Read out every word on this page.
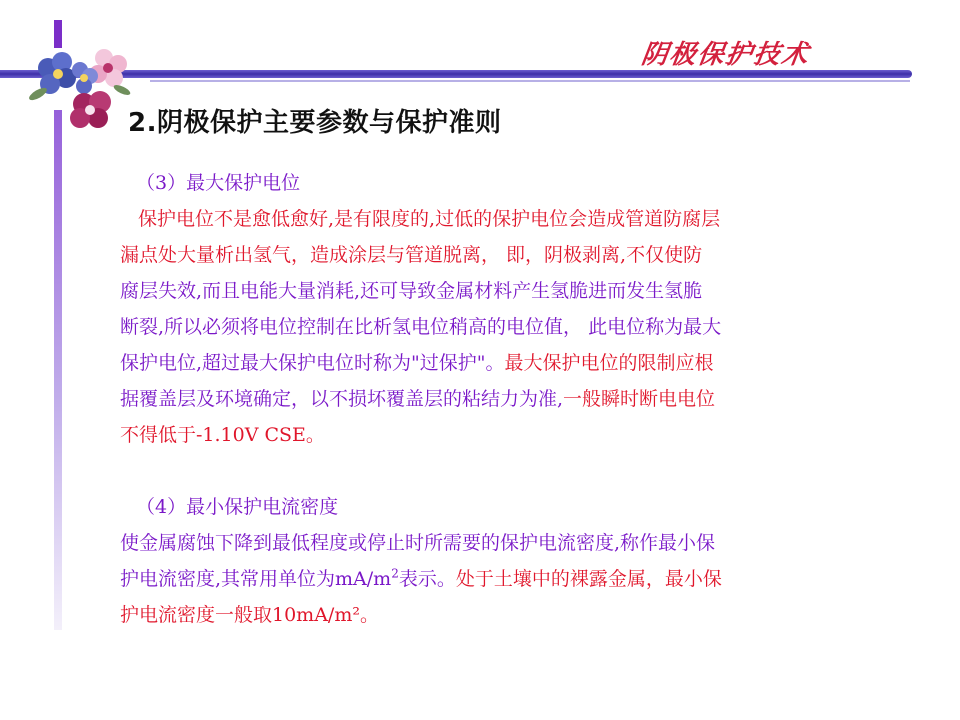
阴极保护技术
2.阴极保护主要参数与保护准则

（3）最大保护电位

保护电位不是愈低愈好,是有限度的,过低的保护电位会造成管道防腐层

漏点处大量析出氢气，造成涂层与管道脱离， 即，阴极剥离,不仅使防

腐层失效,而且电能大量消耗,还可导致金属材料产生氢脆进而发生氢脆

断裂,所以必须将电位控制在比析氢电位稍高的电位值， 此电位称为最大

保护电位,超过最大保护电位时称为"过保护"。最大保护电位的限制应根

据覆盖层及环境确定，以不损坏覆盖层的粘结力为准,一般瞬时断电电位

不得低于-1.10V CSE。

（4）最小保护电流密度

使金属腐蚀下降到最低程度或停止时所需要的保护电流密度,称作最小保

护电流密度,其常用单位为$mA/m^2$表示。处于土壤中的裸露金属，最小保

护电流密度一般取10mA/m²。
